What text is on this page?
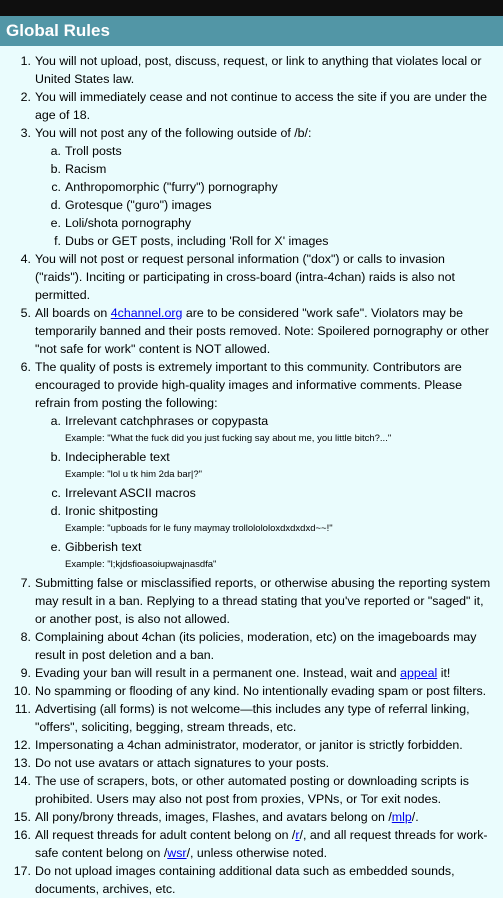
Global Rules
1. You will not upload, post, discuss, request, or link to anything that violates local or United States law.
2. You will immediately cease and not continue to access the site if you are under the age of 18.
3. You will not post any of the following outside of /b/:
a. Troll posts
b. Racism
c. Anthropomorphic ("furry") pornography
d. Grotesque ("guro") images
e. Loli/shota pornography
f. Dubs or GET posts, including 'Roll for X' images
4. You will not post or request personal information ("dox") or calls to invasion ("raids"). Inciting or participating in cross-board (intra-4chan) raids is also not permitted.
5. All boards on 4channel.org are to be considered "work safe". Violators may be temporarily banned and their posts removed. Note: Spoilered pornography or other "not safe for work" content is NOT allowed.
6. The quality of posts is extremely important to this community. Contributors are encouraged to provide high-quality images and informative comments. Please refrain from posting the following:
a. Irrelevant catchphrases or copypasta
Example: "What the fuck did you just fucking say about me, you little bitch?..."
b. Indecipherable text
Example: "lol u tk him 2da bar|?"
c. Irrelevant ASCII macros
d. Ironic shitposting
Example: "upboads for le funy maymay trollolololoxdxdxdxd~~!"
e. Gibberish text
Example: "l;kjdsfioasoiupwajnasdfa"
7. Submitting false or misclassified reports, or otherwise abusing the reporting system may result in a ban. Replying to a thread stating that you've reported or "saged" it, or another post, is also not allowed.
8. Complaining about 4chan (its policies, moderation, etc) on the imageboards may result in post deletion and a ban.
9. Evading your ban will result in a permanent one. Instead, wait and appeal it!
10. No spamming or flooding of any kind. No intentionally evading spam or post filters.
11. Advertising (all forms) is not welcome—this includes any type of referral linking, "offers", soliciting, begging, stream threads, etc.
12. Impersonating a 4chan administrator, moderator, or janitor is strictly forbidden.
13. Do not use avatars or attach signatures to your posts.
14. The use of scrapers, bots, or other automated posting or downloading scripts is prohibited. Users may also not post from proxies, VPNs, or Tor exit nodes.
15. All pony/brony threads, images, Flashes, and avatars belong on /mlp/.
16. All request threads for adult content belong on /r/, and all request threads for work-safe content belong on /wsr/, unless otherwise noted.
17. Do not upload images containing additional data such as embedded sounds, documents, archives, etc.
